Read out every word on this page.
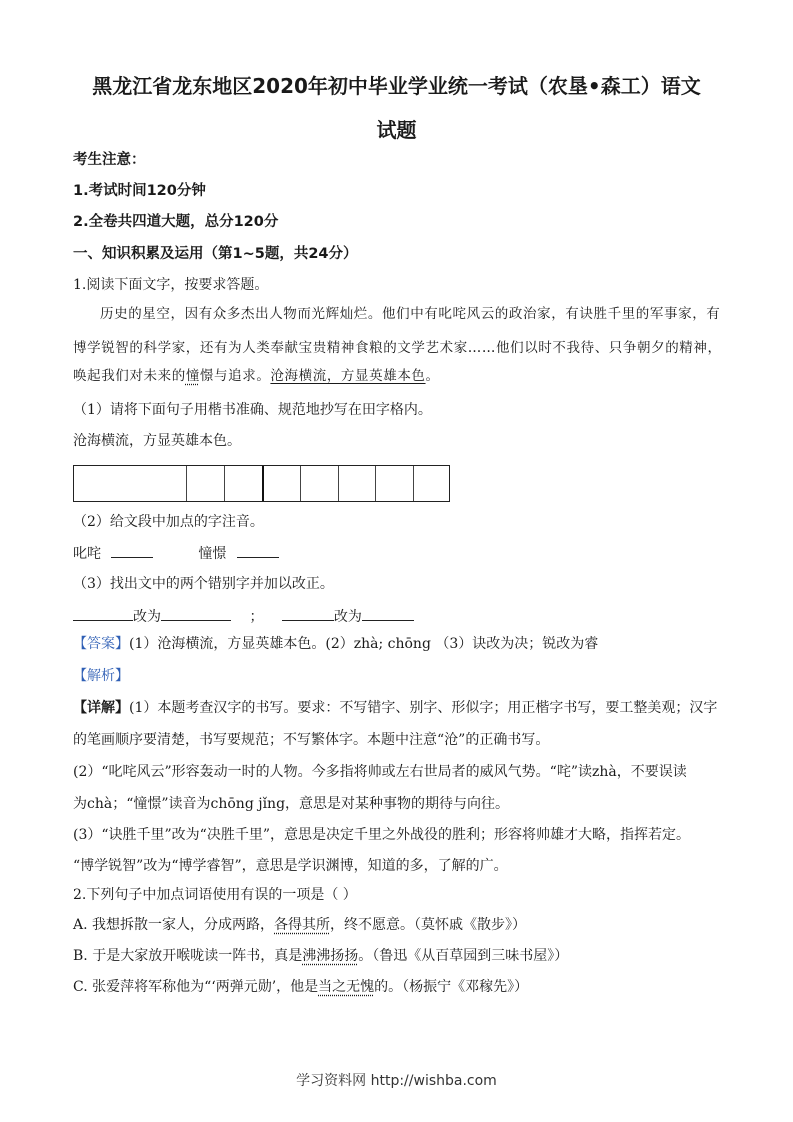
黑龙江省龙东地区2020年初中毕业学业统一考试（农垦•森工）语文
试题
考生注意：
1.考试时间120分钟
2.全卷共四道大题，总分120分
一、知识积累及运用（第1~5题，共24分）
1.阅读下面文字，按要求答题。
历史的星空，因有众多杰出人物而光辉灿烂。他们中有叱咤风云的政治家，有诀胜千里的军事家，有
博学锐智的科学家，还有为人类奉献宝贵精神食粮的文学艺术家……他们以时不我待、只争朝夕的精神，
唤起我们对未来的憧憬与追求。沧海横流，方显英雄本色。
（1）请将下面句子用楷书准确、规范地抄写在田字格内。
沧海横流，方显英雄本色。
（2）给文段中加点的字注音。
叱咤	憧憬
（3）找出文中的两个错别字并加以改正。
改为	；	改为
【答案】(1）沧海横流，方显英雄本色。(2）zhà; chōng （3）诀改为决；锐改为睿
【解析】
【详解】(1）本题考查汉字的书写。要求：不写错字、别字、形似字；用正楷字书写，要工整美观；汉字
的笔画顺序要清楚，书写要规范；不写繁体字。本题中注意“沧”的正确书写。
(2）“叱咤风云”形容轰动一时的人物。今多指将帅或左右世局者的威风气势。“咤”读zhà，不要误读
为chà；“憧憬”读音为chōng jǐng，意思是对某种事物的期待与向往。
(3）“诀胜千里”改为“决胜千里”，意思是决定千里之外战役的胜利；形容将帅雄才大略，指挥若定。
“博学锐智”改为“博学睿智”，意思是学识渊博，知道的多，了解的广。
2.下列句子中加点词语使用有误的一项是（ ）
A. 我想拆散一家人，分成两路，各得其所，终不愿意。（莫怀戚《散步》）
B. 于是大家放开喉咙读一阵书，真是沸沸扬扬。（鲁迅《从百草园到三味书屋》）
C. 张爱萍将军称他为“‘两弹元勋’，他是当之无愧的。（杨振宁《邓稼先》）
学习资料网 http://wishba.com
